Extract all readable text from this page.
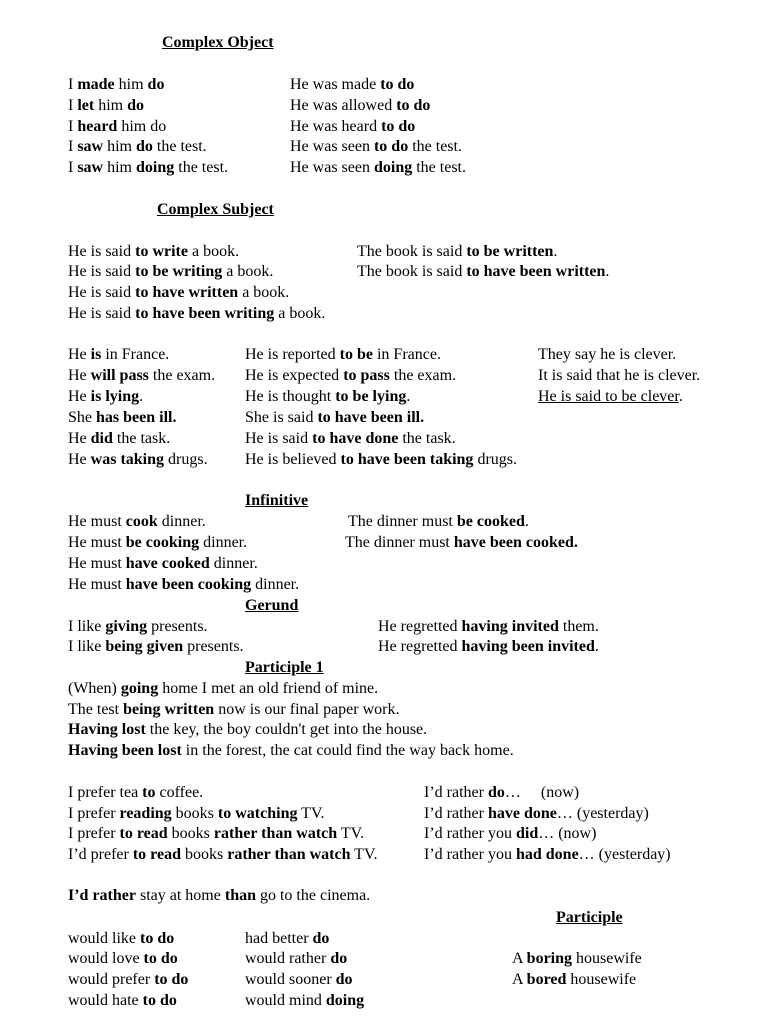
Complex Object
Complex Subject
Infinitive
Gerund
Participle 1
Participle
I made him do
I let him do
I heard him do
I saw him do the test.
I saw him doing the test.
He was made to do
He was allowed to do
He was heard to do
He was seen to do the test.
He was seen doing the test.
He is said to write a book.
He is said to be writing a book.
He is said to have written a book.
He is said to have been writing a book.
The book is said to be written.
The book is said to have been written.
He is in France.
He will pass the exam.
He is lying.
She has been ill.
He did the task.
He was taking drugs.
He is reported to be in France.
He is expected to pass the exam.
He is thought to be lying.
She is said to have been ill.
He is said to have done the task.
He is believed to have been taking drugs.
They say he is clever.
It is said that he is clever.
He is said to be clever.
He must cook dinner.
He must be cooking dinner.
He must have cooked dinner.
He must have been cooking dinner.
The dinner must be cooked.
The dinner must have been cooked.
I like giving presents.
I like being given presents.
He regretted having invited them.
He regretted having been invited.
(When) going home I met an old friend of mine.
The test being written now is our final paper work.
Having lost the key, the boy couldn't get into the house.
Having been lost in the forest, the cat could find the way back home.
I prefer tea to coffee.
I prefer reading books to watching TV.
I prefer to read books rather than watch TV.
I’d prefer to read books rather than watch TV.
I’d rather do…     (now)
I’d rather have done… (yesterday)
I’d rather you did… (now)
I’d rather you had done… (yesterday)
I’d rather stay at home than go to the cinema.
would like to do
would love to do
would prefer to do
would hate to do
had better do
would rather do
would sooner do
would mind doing
A boring housewife
A bored housewife
